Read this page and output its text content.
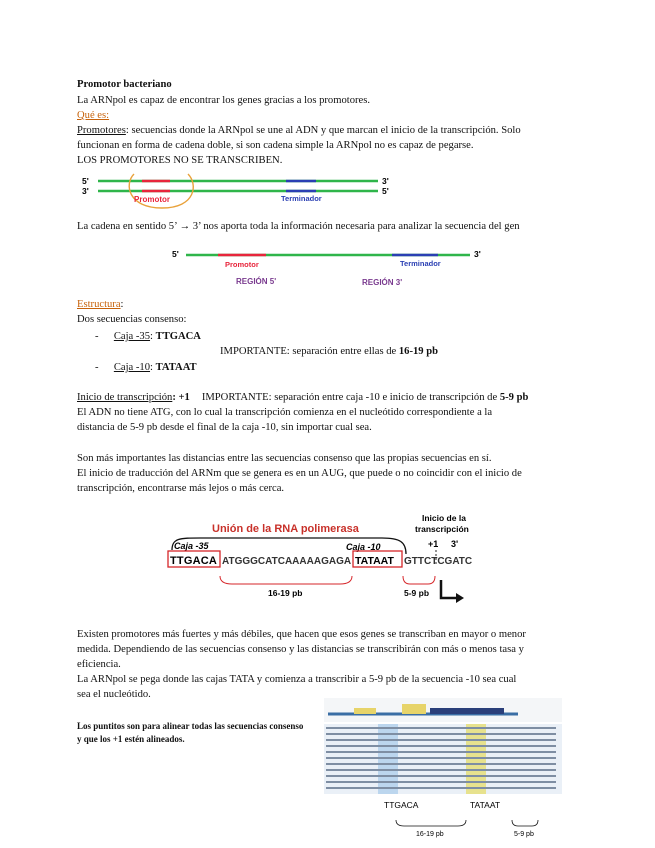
Promotor bacteriano
La ARNpol es capaz de encontrar los genes gracias a los promotores.
Qué es:
Promotores: secuencias donde la ARNpol se une al ADN y que marcan el inicio de la transcripción. Solo
funcionan en forma de cadena doble, si son cadena simple la ARNpol no es capaz de pegarse.
LOS PROMOTORES NO SE TRANSCRIBEN.
5'
3'
Promotor	Terminador
3'
5'
La cadena en sentido 5’ → 3’ nos aporta toda la información necesaria para analizar la secuencia del gen
5'	3'
Promotor	Terminador
REGIÓN 5'	REGIÓN 3'
Estructura:
Dos secuencias consenso:
- Caja -35: TTGACA
IMPORTANTE: separación entre ellas de 16-19 pb
- Caja -10: TATAAT
Inicio de transcripción: +1 IMPORTANTE: separación entre caja -10 e inicio de transcripción de 5-9 pb
El ADN no tiene ATG, con lo cual la transcripción comienza en el nucleótido correspondiente a la
distancia de 5-9 pb desde el final de la caja -10, sin importar cual sea.
Son más importantes las distancias entre las secuencias consenso que las propias secuencias en sí.
El inicio de traducción del ARNm que se genera es en un AUG, que puede o no coincidir con el inicio de
transcripción, encontrarse más lejos o más cerca.
Unión de la RNA polimerasa
Inicio de la
transcripción
Caja -35	Caja -10	+1 3'
TTGACA ATGGGCATCAAAAAGAGA TATAAT GTTCTCGATC
16-19 pb	5-9 pb
Existen promotores más fuertes y más débiles, que hacen que esos genes se transcriban en mayor o menor
medida. Dependiendo de las secuencias consenso y las distancias se transcribirán con más o menos tasa y
eficiencia.
La ARNpol se pega donde las cajas TATA y comienza a transcribir a 5-9 pb de la secuencia -10 sea cual
sea el nucleótido.
Los puntitos son para alinear todas las secuencias consenso
y que los +1 estén alineados.
TTGACA	TATAAT
16-19 pb	5-9 pb
